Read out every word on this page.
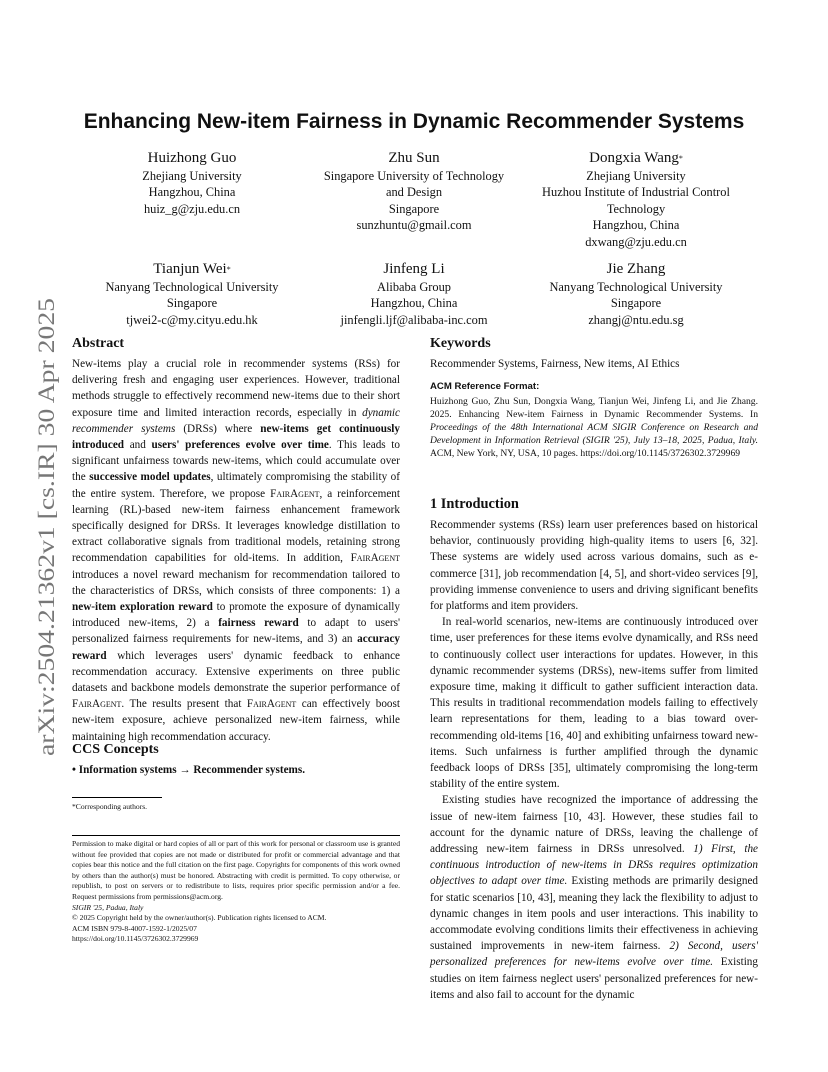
arXiv:2504.21362v1 [cs.IR] 30 Apr 2025
Enhancing New-item Fairness in Dynamic Recommender Systems
Huizhong Guo
Zhejiang University
Hangzhou, China
huiz_g@zju.edu.cn
Zhu Sun
Singapore University of Technology
and Design
Singapore
sunzhuntu@gmail.com
Dongxia Wang*
Zhejiang University
Huzhou Institute of Industrial Control
Technology
Hangzhou, China
dxwang@zju.edu.cn
Tianjun Wei*
Nanyang Technological University
Singapore
tjwei2-c@my.cityu.edu.hk
Jinfeng Li
Alibaba Group
Hangzhou, China
jinfengli.ljf@alibaba-inc.com
Jie Zhang
Nanyang Technological University
Singapore
zhangj@ntu.edu.sg
Abstract

New-items play a crucial role in recommender systems (RSs) for delivering fresh and engaging user experiences. However, traditional methods struggle to effectively recommend new-items due to their short exposure time and limited interaction records, especially in dynamic recommender systems (DRSs) where new-items get continuously introduced and users' preferences evolve over time. This leads to significant unfairness towards new-items, which could accumulate over the successive model updates, ultimately compromising the stability of the entire system. Therefore, we propose FairAgent, a reinforcement learning (RL)-based new-item fairness enhancement framework specifically designed for DRSs. It leverages knowledge distillation to extract collaborative signals from traditional models, retaining strong recommendation capabilities for old-items. In addition, FairAgent introduces a novel reward mechanism for recommendation tailored to the characteristics of DRSs, which consists of three components: 1) a new-item exploration reward to promote the exposure of dynamically introduced new-items, 2) a fairness reward to adapt to users' personalized fairness requirements for new-items, and 3) an accuracy reward which leverages users' dynamic feedback to enhance recommendation accuracy. Extensive experiments on three public datasets and backbone models demonstrate the superior performance of FairAgent. The results present that FairAgent can effectively boost new-item exposure, achieve personalized new-item fairness, while maintaining high recommendation accuracy.

CCS Concepts
• Information systems → Recommender systems.
*Corresponding authors.
Permission to make digital or hard copies of all or part of this work for personal or classroom use is granted without fee provided that copies are not made or distributed for profit or commercial advantage and that copies bear this notice and the full citation on the first page. Copyrights for components of this work owned by others than the author(s) must be honored. Abstracting with credit is permitted. To copy otherwise, or republish, to post on servers or to redistribute to lists, requires prior specific permission and/or a fee. Request permissions from permissions@acm.org.
SIGIR '25, Padua, Italy
© 2025 Copyright held by the owner/author(s). Publication rights licensed to ACM.
ACM ISBN 979-8-4007-1592-1/2025/07
https://doi.org/10.1145/3726302.3729969
Keywords
Recommender Systems, Fairness, New items, AI Ethics
ACM Reference Format:
Huizhong Guo, Zhu Sun, Dongxia Wang, Tianjun Wei, Jinfeng Li, and Jie Zhang. 2025. Enhancing New-item Fairness in Dynamic Recommender Systems. In Proceedings of the 48th International ACM SIGIR Conference on Research and Development in Information Retrieval (SIGIR '25), July 13–18, 2025, Padua, Italy. ACM, New York, NY, USA, 10 pages. https://doi.org/10.1145/3726302.3729969
1 Introduction

Recommender systems (RSs) learn user preferences based on historical behavior, continuously providing high-quality items to users [6, 32]. These systems are widely used across various domains, such as e-commerce [31], job recommendation [4, 5], and short-video services [9], providing immense convenience to users and driving significant benefits for platforms and item providers.

In real-world scenarios, new-items are continuously introduced over time, user preferences for these items evolve dynamically, and RSs need to continuously collect user interactions for updates. However, in this dynamic recommender systems (DRSs), new-items suffer from limited exposure time, making it difficult to gather sufficient interaction data. This results in traditional recommendation models failing to effectively learn representations for them, leading to a bias toward over-recommending old-items [16, 40] and exhibiting unfairness toward new-items. Such unfairness is further amplified through the dynamic feedback loops of DRSs [35], ultimately compromising the long-term stability of the entire system.

Existing studies have recognized the importance of addressing the issue of new-item fairness [10, 43]. However, these studies fail to account for the dynamic nature of DRSs, leaving the challenge of addressing new-item fairness in DRSs unresolved. 1) First, the continuous introduction of new-items in DRSs requires optimization objectives to adapt over time. Existing methods are primarily designed for static scenarios [10, 43], meaning they lack the flexibility to adjust to dynamic changes in item pools and user interactions. This inability to accommodate evolving conditions limits their effectiveness in achieving sustained improvements in new-item fairness. 2) Second, users' personalized preferences for new-items evolve over time. Existing studies on item fairness neglect users' personalized preferences for new-items and also fail to account for the dynamic
